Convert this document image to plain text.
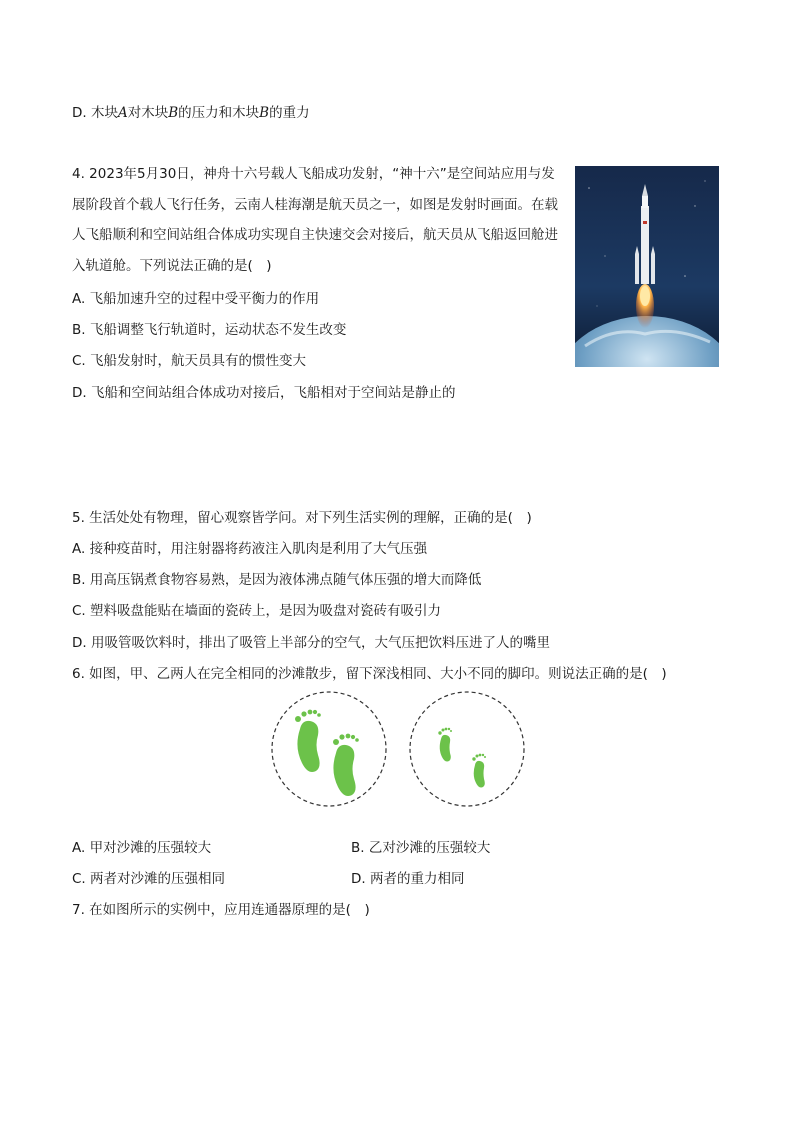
D. 木块A对木块B的压力和木块B的重力
4. 2023年5月30日，神舟十六号载人飞船成功发射，“神十六”是空间站应用与发展阶段首个载人飞行任务，云南人桂海潮是航天员之一，如图是发射时画面。在载人飞船顺利和空间站组合体成功实现自主快速交会对接后，航天员从飞船返回舱进入轨道舱。下列说法正确的是(　)
A. 飞船加速升空的过程中受平衡力的作用
B. 飞船调整飞行轨道时，运动状态不发生改变
C. 飞船发射时，航天员具有的惯性变大
D. 飞船和空间站组合体成功对接后，飞船相对于空间站是静止的
5. 生活处处有物理，留心观察皆学问。对下列生活实例的理解，正确的是(　)
A. 接种疫苗时，用注射器将药液注入肌肉是利用了大气压强
B. 用高压锅煮食物容易熟，是因为液体沸点随气体压强的增大而降低
C. 塑料吸盘能贴在墙面的瓷砖上，是因为吸盘对瓷砖有吸引力
D. 用吸管吸饮料时，排出了吸管上半部分的空气，大气压把饮料压进了人的嘴里
6. 如图，甲、乙两人在完全相同的沙滩散步，留下深浅相同、大小不同的脚印。则说法正确的是(　)
A. 甲对沙滩的压强较大	B. 乙对沙滩的压强较大
C. 两者对沙滩的压强相同	D. 两者的重力相同
7. 在如图所示的实例中，应用连通器原理的是(　)
